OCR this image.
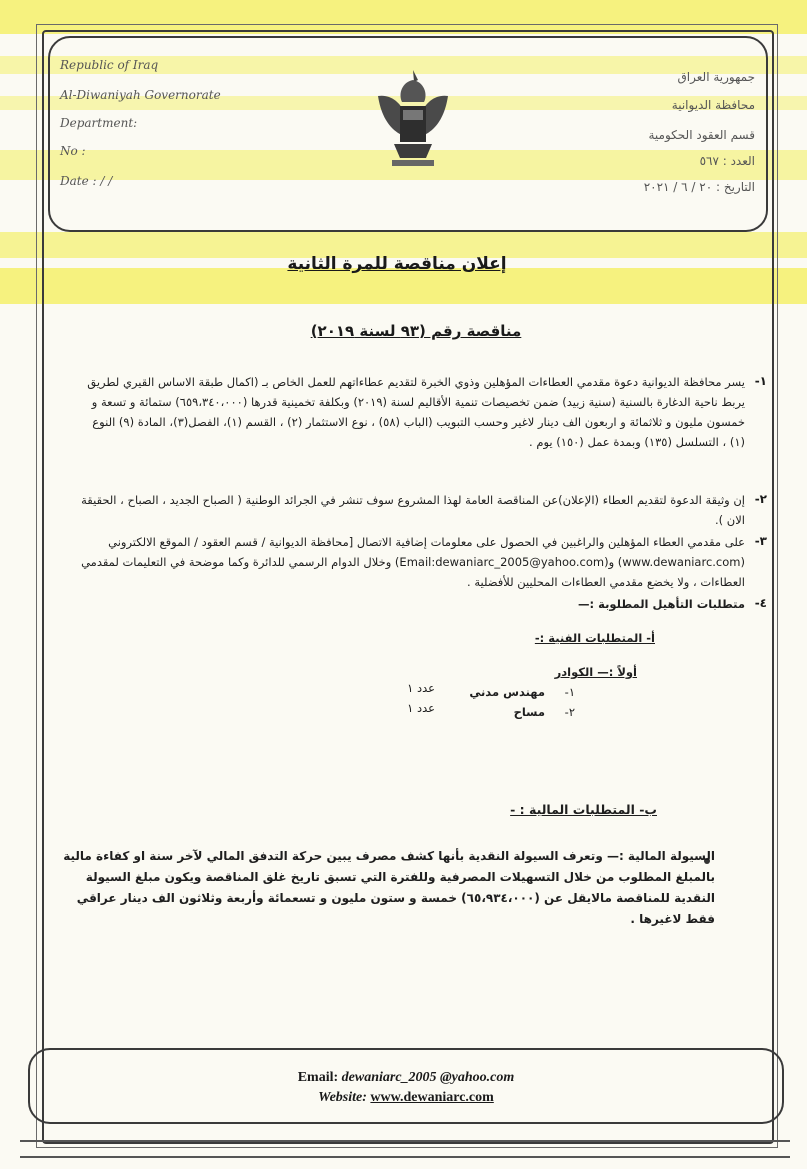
Republic of Iraq
Al-Diwaniyah Governorate
Department:
No :
Date : / /
جمهورية العراق
محافظة الديوانية
قسم العقود الحكومية
العدد : ٥٦٧
التاريخ : ٢٠ / ٦ / ٢٠٢١
إعلان مناقصة للمرة الثانية
مناقصة رقم (٩٣ لسنة ٢٠١٩)
١-
يسر محافظة الديوانية دعوة مقدمي العطاءات المؤهلين وذوي الخبرة لتقديم عطاءاتهم للعمل الخاص بـ (اكمال طبقة الاساس القيري لطريق يربط ناحية الدغارة بالسنية (سنية زبيد) ضمن تخصيصات تنمية الأقاليم لسنة (٢٠١٩) وبكلفة تخمينية قدرها (٦٥٩،٣٤٠،٠٠٠) ستمائة و تسعة و خمسون مليون و ثلاثمائة و اربعون الف دينار لاغير وحسب التبويب (الباب (٥٨) ، نوع الاستثمار (٢) ، القسم (١)، الفصل(٣)، المادة (٩) النوع (١) ، التسلسل (١٣٥) وبمدة عمل (١٥٠) يوم .
٢-
إن وثيقة الدعوة لتقديم العطاء (الإعلان)عن المناقصة العامة لهذا المشروع سوف تنشر في الجرائد الوطنية ( الصباح الجديد ، الصباح ، الحقيقة الان ).
٣-
على مقدمي العطاء المؤهلين والراغبين في الحصول على معلومات إضافية الاتصال [محافظة الديوانية / قسم العقود / الموقع الالكتروني (www.dewaniarc.com) و(Email:dewaniarc_2005@yahoo.com) وخلال الدوام الرسمي للدائرة وكما موضحة في التعليمات لمقدمي العطاءات ، ولا يخضع مقدمي العطاءات المحليين للأفضلية .
٤-
متطلبات التأهيل المطلوبة :—
أ- المتطلبات الفنية :-
أولاً :— الكوادر
١-
مهندس مدني
عدد ١
٢-
مساح
عدد ١
ب- المتطلبات المالية : -
السيولة المالية :— وتعرف السيولة النقدية بأنها كشف مصرف يبين حركة التدفق المالي لآخر سنة او كفاءة مالية بالمبلغ المطلوب من خلال التسهيلات المصرفية وللفترة التي تسبق تاريخ غلق المناقصة ويكون مبلغ السيولة النقدية للمناقصة مالايقل عن (٦٥،٩٣٤،٠٠٠) خمسة و ستون مليون و تسعمائة وأربعة وثلاثون الف دينار عراقي فقط لاغيرها .
Email: dewaniarc_2005 @yahoo.com
Website: www.dewaniarc.com
